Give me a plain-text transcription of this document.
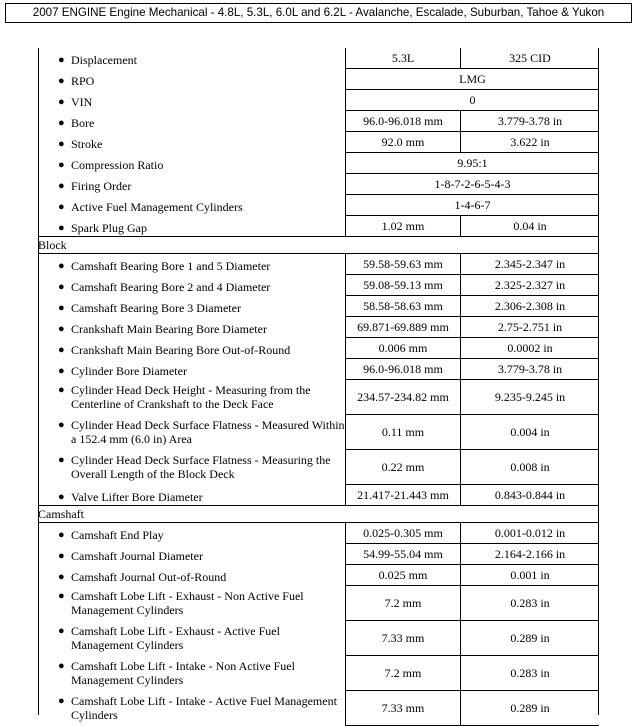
2007 ENGINE Engine Mechanical - 4.8L, 5.3L, 6.0L and 6.2L - Avalanche, Escalade, Suburban, Tahoe & Yukon
● Displacement	5.3L	325 CID

● RPO	LMG	

● VIN	0	

● Bore	96.0-96.018 mm	3.779-3.78 in

● Stroke	92.0 mm	3.622 in

● Compression Ratio	9.95:1	

● Firing Order	1-8-7-2-6-5-4-3	

● Active Fuel Management Cylinders	1-4-6-7	

● Spark Plug Gap	1.02 mm	0.04 in
Block		

● Camshaft Bearing Bore 1 and 5 Diameter	59.58-59.63 mm	2.345-2.347 in

● Camshaft Bearing Bore 2 and 4 Diameter	59.08-59.13 mm	2.325-2.327 in

● Camshaft Bearing Bore 3 Diameter	58.58-58.63 mm	2.306-2.308 in

● Crankshaft Main Bearing Bore Diameter	69.871-69.889 mm	2.75-2.751 in

● Crankshaft Main Bearing Bore Out-of-Round	0.006 mm	0.0002 in

● Cylinder Bore Diameter	96.0-96.018 mm	3.779-3.78 in

● Cylinder Head Deck Height - Measuring from the Centerline of Crankshaft to the Deck Face	234.57-234.82 mm	9.235-9.245 in

● Cylinder Head Deck Surface Flatness - Measured Within a 152.4 mm (6.0 in) Area	0.11 mm	0.004 in

● Cylinder Head Deck Surface Flatness - Measuring the Overall Length of the Block Deck	0.22 mm	0.008 in

● Valve Lifter Bore Diameter	21.417-21.443 mm	0.843-0.844 in
Camshaft		

● Camshaft End Play	0.025-0.305 mm	0.001-0.012 in

● Camshaft Journal Diameter	54.99-55.04 mm	2.164-2.166 in

● Camshaft Journal Out-of-Round	0.025 mm	0.001 in

● Camshaft Lobe Lift - Exhaust - Non Active Fuel Management Cylinders	7.2 mm	0.283 in

● Camshaft Lobe Lift - Exhaust - Active Fuel Management Cylinders	7.33 mm	0.289 in

● Camshaft Lobe Lift - Intake - Non Active Fuel Management Cylinders	7.2 mm	0.283 in

● Camshaft Lobe Lift - Intake - Active Fuel Management Cylinders	7.33 mm	0.289 in
